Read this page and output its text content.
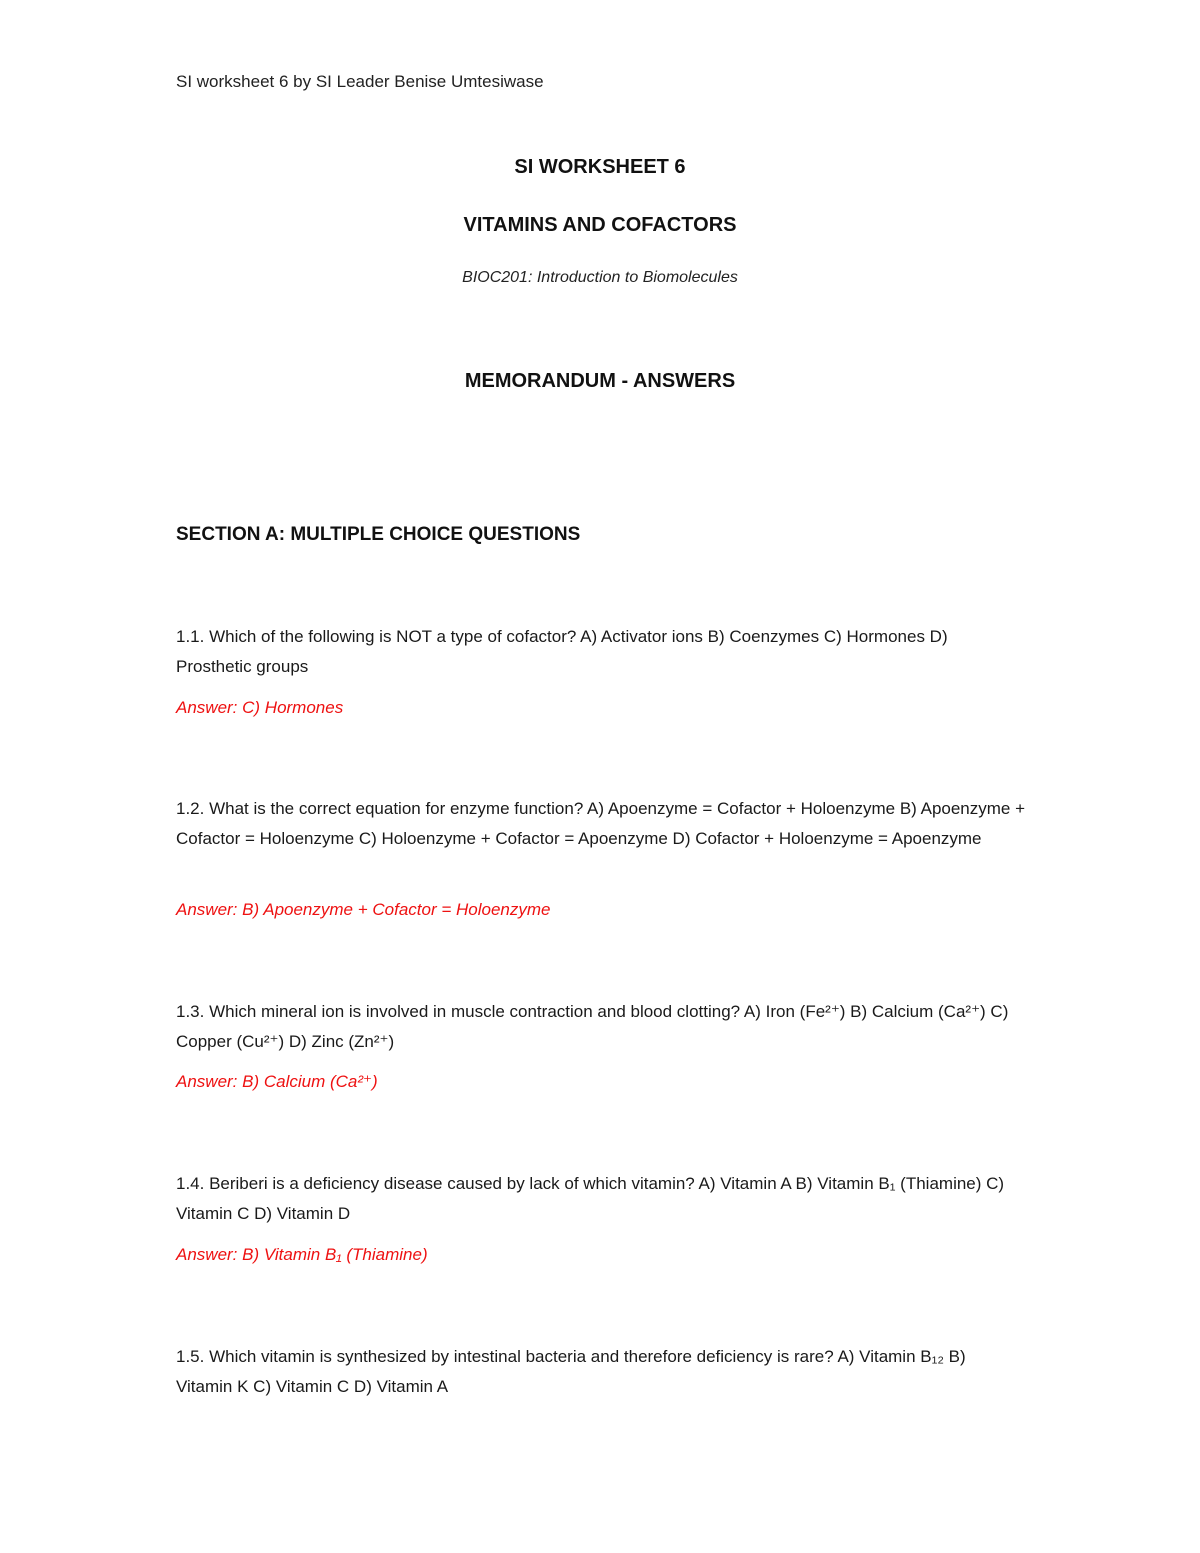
SI worksheet 6 by SI Leader Benise Umtesiwase
SI WORKSHEET 6
VITAMINS AND COFACTORS
BIOC201: Introduction to Biomolecules
MEMORANDUM - ANSWERS
SECTION A: MULTIPLE CHOICE QUESTIONS
1.1. Which of the following is NOT a type of cofactor? A) Activator ions B) Coenzymes C) Hormones D) Prosthetic groups
Answer: C) Hormones
1.2. What is the correct equation for enzyme function? A) Apoenzyme = Cofactor + Holoenzyme B) Apoenzyme + Cofactor = Holoenzyme C) Holoenzyme + Cofactor = Apoenzyme D) Cofactor + Holoenzyme = Apoenzyme
Answer: B) Apoenzyme + Cofactor = Holoenzyme
1.3. Which mineral ion is involved in muscle contraction and blood clotting? A) Iron (Fe²⁺) B) Calcium (Ca²⁺) C) Copper (Cu²⁺) D) Zinc (Zn²⁺)
Answer: B) Calcium (Ca²⁺)
1.4. Beriberi is a deficiency disease caused by lack of which vitamin? A) Vitamin A B) Vitamin B₁ (Thiamine) C) Vitamin C D) Vitamin D
Answer: B) Vitamin B₁ (Thiamine)
1.5. Which vitamin is synthesized by intestinal bacteria and therefore deficiency is rare? A) Vitamin B₁₂ B) Vitamin K C) Vitamin C D) Vitamin A
